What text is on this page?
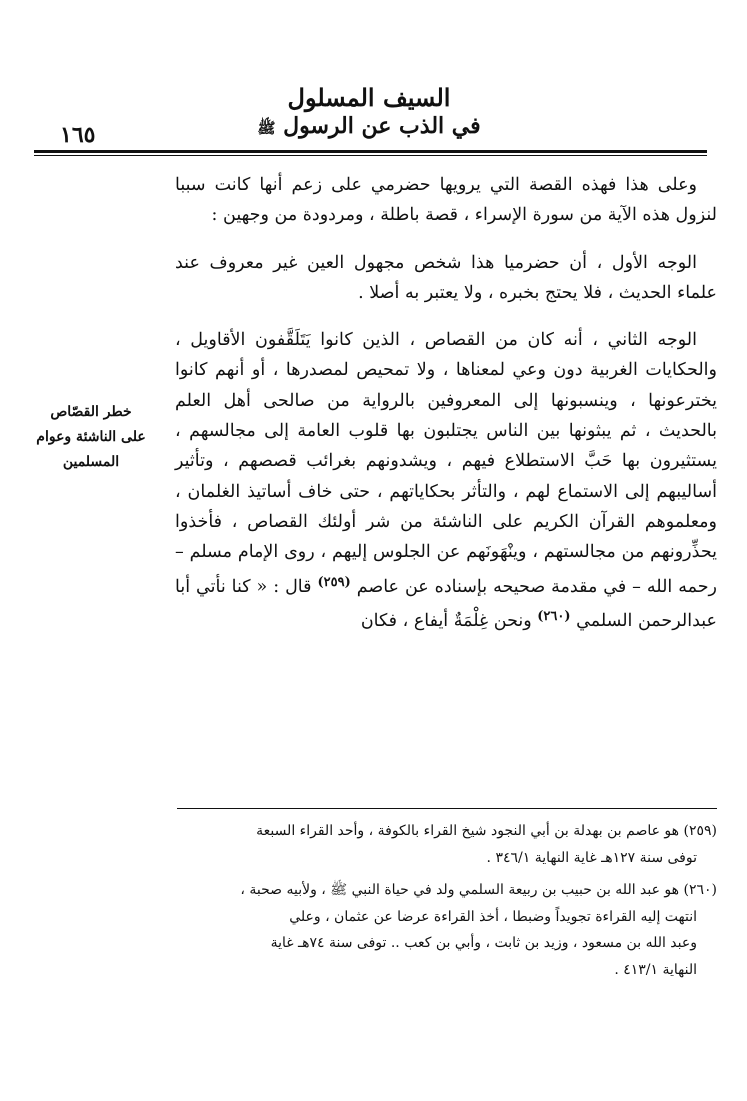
السيف المسلول
في الذب عن الرسول ﷺ
١٦٥

وعلى هذا فهذه القصة التي يرويها حضرمي على زعم أنها كانت سببا لنزول هذه الآية من سورة الإسراء ، قصة باطلة ، ومردودة من وجهين :

الوجه الأول ، أن حضرميا هذا شخص مجهول العين غير معروف عند علماء الحديث ، فلا يحتج بخبره ، ولا يعتبر به أصلا .

الوجه الثاني ، أنه كان من القصاص ، الذين كانوا يَتَلَقَّفون الأقاويل ، والحكايات الغربية دون وعي لمعناها ، ولا تمحيص لمصدرها ، أو أنهم كانوا يخترعونها ، وينسبونها إلى المعروفين بالرواية من صالحى أهل العلم بالحديث ، ثم يبثونها بين الناس يجتلبون بها قلوب العامة إلى مجالسهم ، يستثيرون بها حَبَّ الاستطلاع فيهم ، ويشدونهم بغرائب قصصهم ، وتأثير أساليبهم إلى الاستماع لهم ، والتأثر بحكاياتهم ، حتى خاف أساتيذ الغلمان ، ومعلموهم القرآن الكريم على الناشئة من شر أولئك القصاص ، فأخذوا يحذِّرونهم من مجالستهم ، وينْهَونَهم عن الجلوس إليهم ، روى الإمام مسلم – رحمه الله – في مقدمة صحيحه بإسناده عن عاصم $^{(٢٥٩)}$ قال : « كنا نأتي أبا عبدالرحمن السلمي $^{(٢٦٠)}$ ونحن غِلْمَةٌ أيفاع ، فكان

خطر القصّاص
على الناشئة وعوام
المسلمين
(٢٥٩) هو عاصم بن بهدلة بن أبي النجود شيخ القراء بالكوفة ، وأحد القراء السبعة
توفى سنة ١٢٧هـ غاية النهاية ٣٤٦/١ .
(٢٦٠) هو عبد الله بن حبيب بن ربيعة السلمي ولد في حياة النبي ﷺ ، ولأبيه صحبة ،
انتهت إليه القراءة تجويداً وضبطا ، أخذ القراءة عرضا عن عثمان ، وعلي
وعبد الله بن مسعود ، وزيد بن ثابت ، وأبي بن كعب .. توفى سنة ٧٤هـ غاية
النهاية ٤١٣/١ .
